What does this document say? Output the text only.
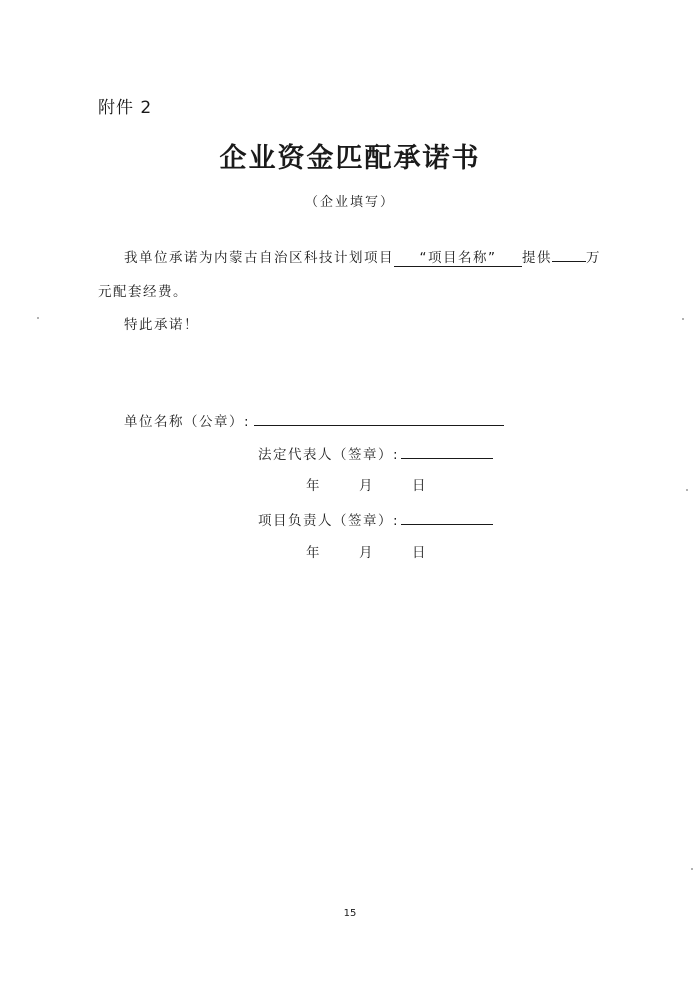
附件 2
企业资金匹配承诺书
（企业填写）
我单位承诺为内蒙古自治区科技计划项目 “项目名称” 提供	万
元配套经费。
特此承诺！
单位名称（公章）:
法定代表人（签章）:
年	月	日
项目负责人（签章）:
年	月	日
15
